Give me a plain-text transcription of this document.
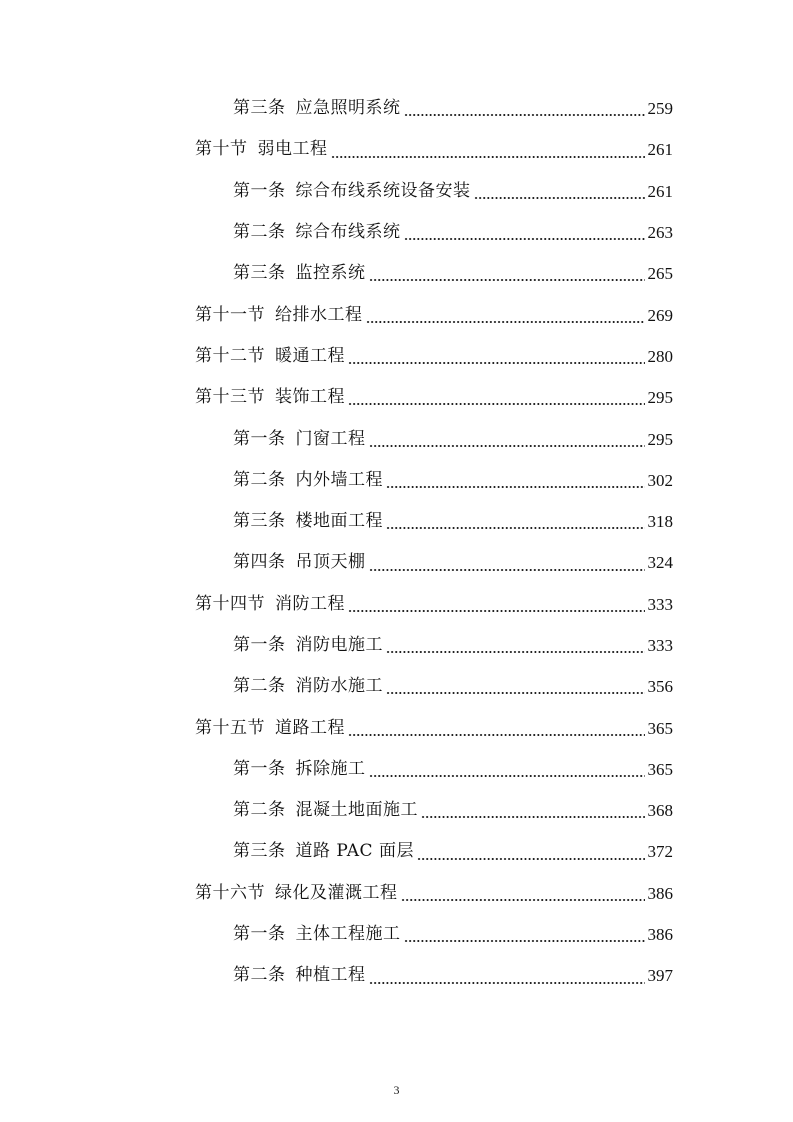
第三条 应急照明系统	259
第十节 弱电工程	261
第一条 综合布线系统设备安装	261
第二条 综合布线系统	263
第三条 监控系统	265
第十一节 给排水工程	269
第十二节 暖通工程	280
第十三节 装饰工程	295
第一条 门窗工程	295
第二条 内外墙工程	302
第三条 楼地面工程	318
第四条 吊顶天棚	324
第十四节 消防工程	333
第一条 消防电施工	333
第二条 消防水施工	356
第十五节 道路工程	365
第一条 拆除施工	365
第二条 混凝土地面施工	368
第三条 道路 PAC 面层	372
第十六节 绿化及灌溉工程	386
第一条 主体工程施工	386
第二条 种植工程	397
3
